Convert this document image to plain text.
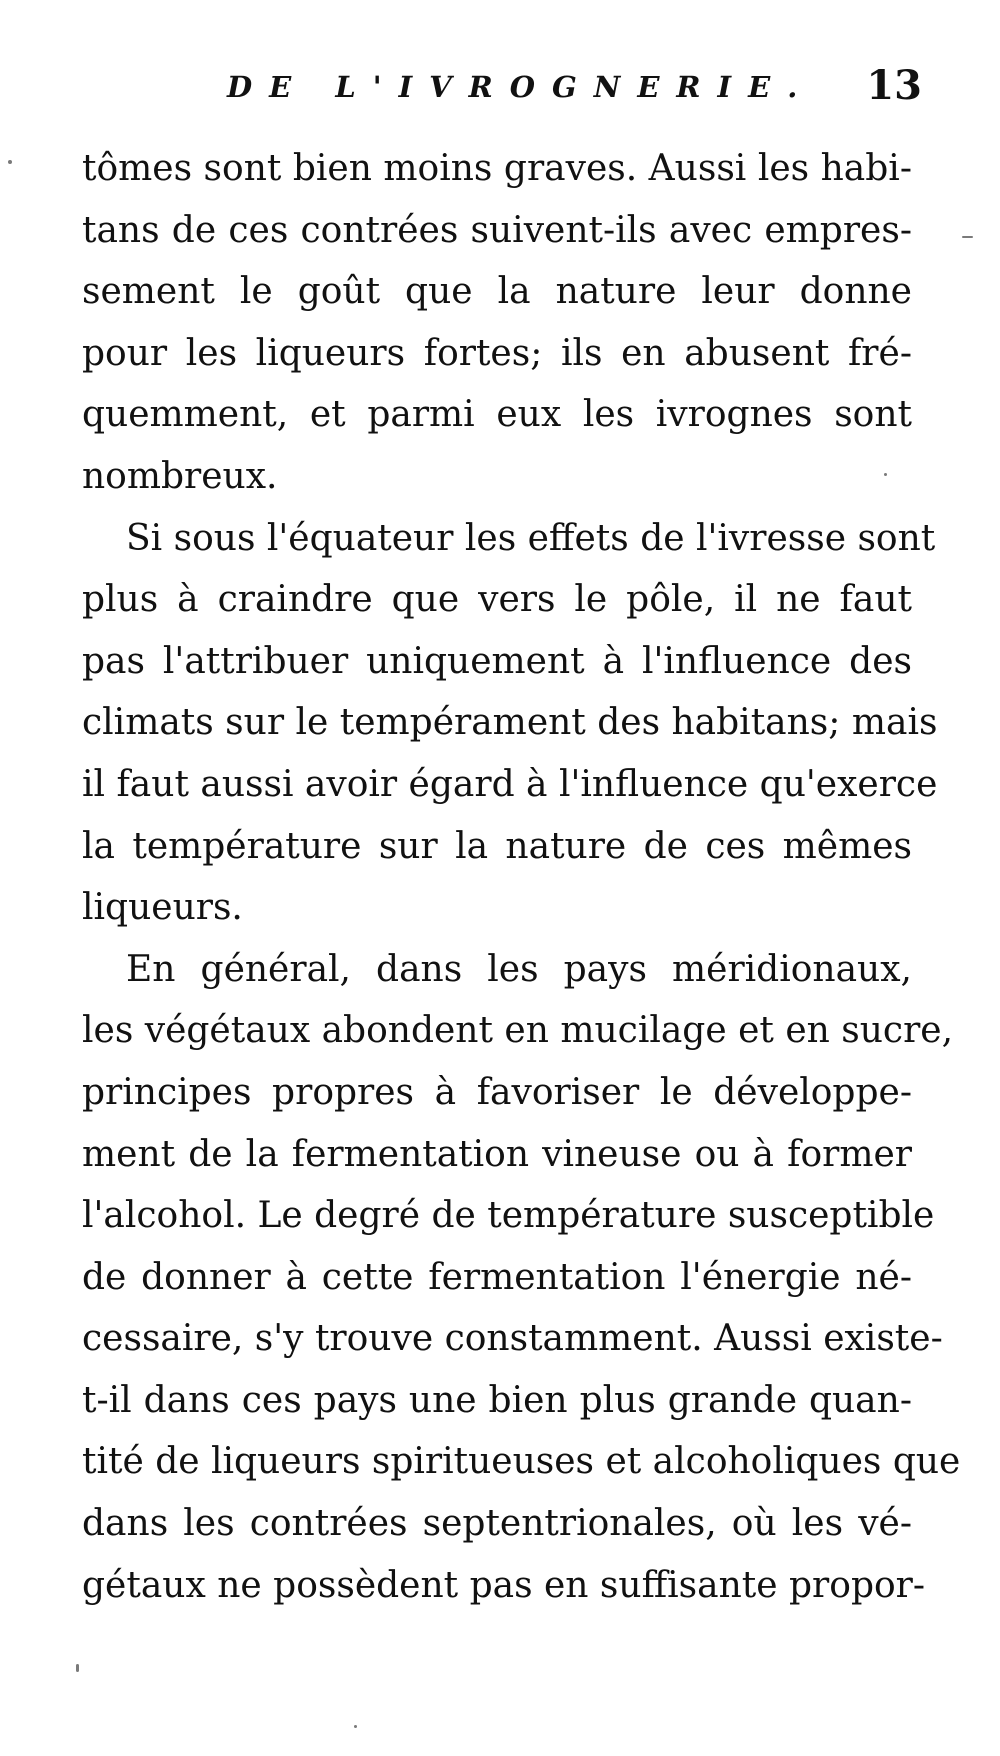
DE L'IVROGNERIE. 13

tômes sont bien moins graves. Aussi les habi-
tans de ces contrées suivent-ils avec empres-
sement le goût que la nature leur donne
pour les liqueurs fortes; ils en abusent fré-
quemment, et parmi eux les ivrognes sont
nombreux.

Si sous l'équateur les effets de l'ivresse sont
plus à craindre que vers le pôle, il ne faut
pas l'attribuer uniquement à l'influence des
climats sur le tempérament des habitans; mais
il faut aussi avoir égard à l'influence qu'exerce
la température sur la nature de ces mêmes
liqueurs.

En général, dans les pays méridionaux,
les végétaux abondent en mucilage et en sucre,
principes propres à favoriser le développe-
ment de la fermentation vineuse ou à former
l'alcohol. Le degré de température susceptible
de donner à cette fermentation l'énergie né-
cessaire, s'y trouve constamment. Aussi existe-
t-il dans ces pays une bien plus grande quan-
tité de liqueurs spiritueuses et alcoholiques que
dans les contrées septentrionales, où les vé-
gétaux ne possèdent pas en suffisante propor-
